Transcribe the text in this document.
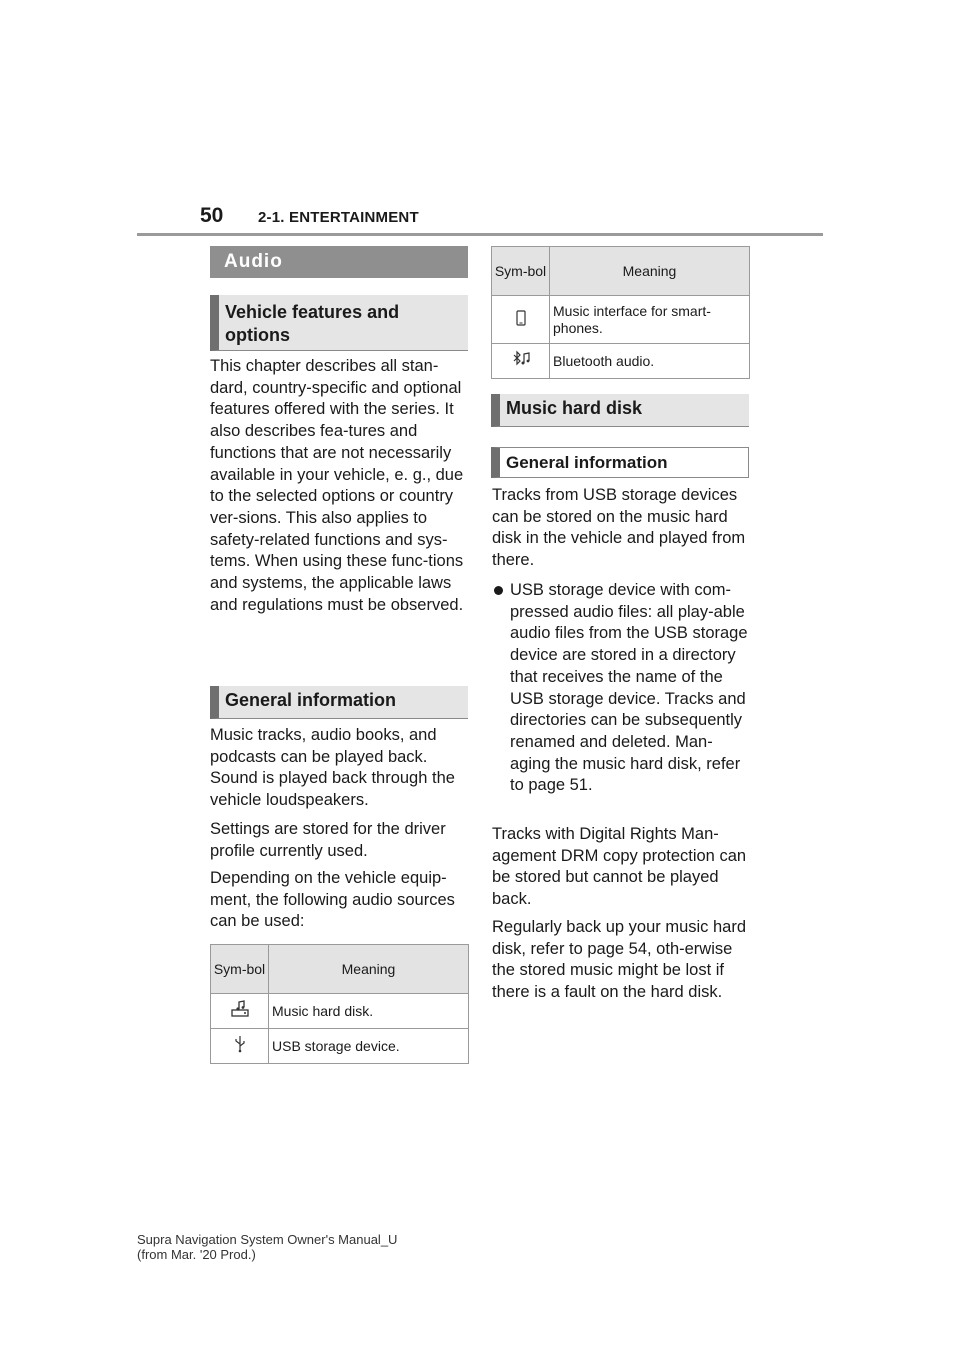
50 2-1. ENTERTAINMENT
Audio
Vehicle features and options

This chapter describes all stan-dard, country-specific and optional features offered with the series. It also describes fea-tures and functions that are not necessarily available in your vehicle, e. g., due to the selected options or country ver-sions. This also applies to safety-related functions and sys-tems. When using these func-tions and systems, the applicable laws and regulations must be observed.

General information

Music tracks, audio books, and podcasts can be played back. Sound is played back through the vehicle loudspeakers.

Settings are stored for the driver profile currently used.

Depending on the vehicle equip-ment, the following audio sources can be used:

Sym-bol	Meaning
	Music hard disk.
	USB storage device.
Sym-bol	Meaning
	Music interface for smart-phones.
	Bluetooth audio.
Music hard disk
General information

Tracks from USB storage devices can be stored on the music hard disk in the vehicle and played from there.

USB storage device with com-pressed audio files: all play-able audio files from the USB storage device are stored in a directory that receives the name of the USB storage device. Tracks and directories can be subsequently renamed and deleted. Man-aging the music hard disk, refer to page 51.

Tracks with Digital Rights Man-agement DRM copy protection can be stored but cannot be played back.

Regularly back up your music hard disk, refer to page 54, oth-erwise the stored music might be lost if there is a fault on the hard disk.

Supra Navigation System Owner's Manual_U
(from Mar. '20 Prod.)
